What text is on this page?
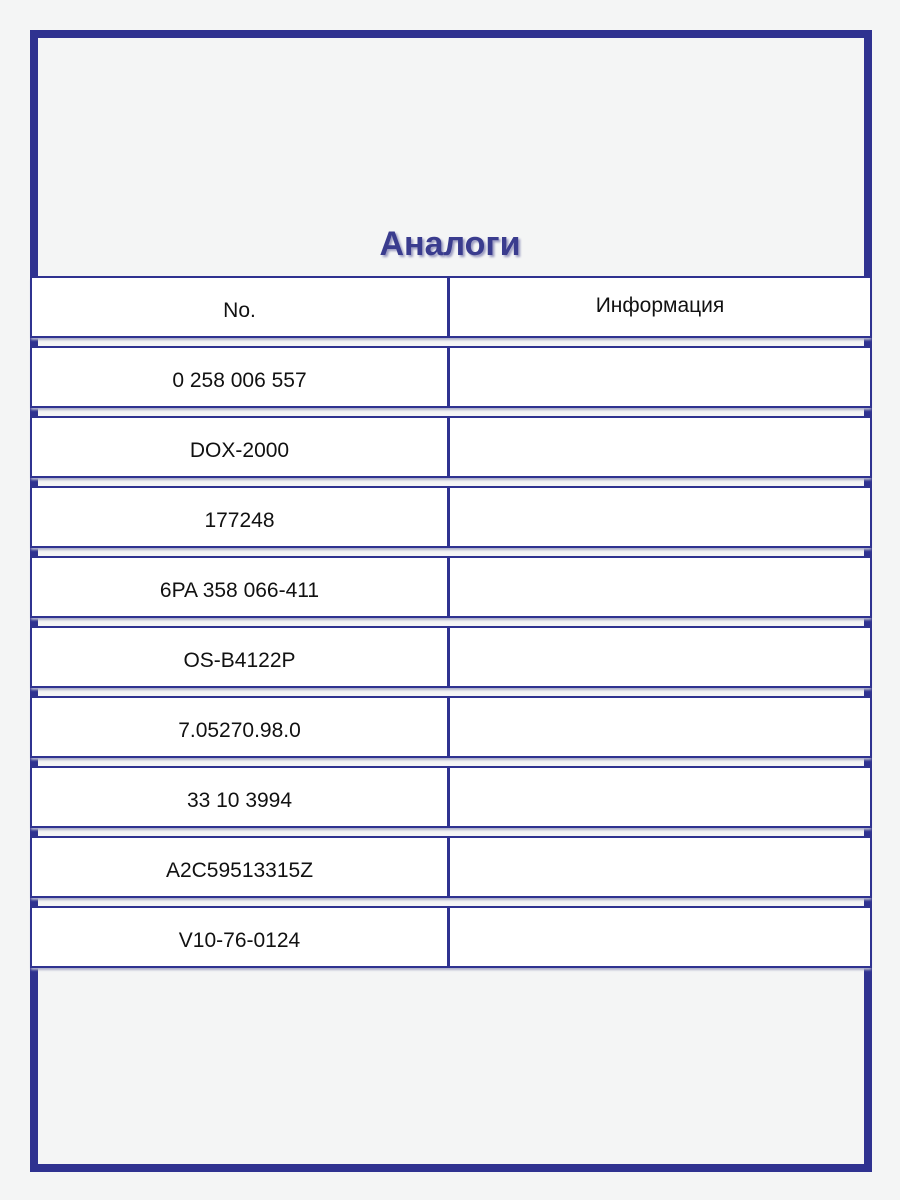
Аналоги
No.	Информация
0 258 006 557
DOX-2000
177248
6PA 358 066-411
OS-B4122P
7.05270.98.0
33 10 3994
A2C59513315Z
V10-76-0124
